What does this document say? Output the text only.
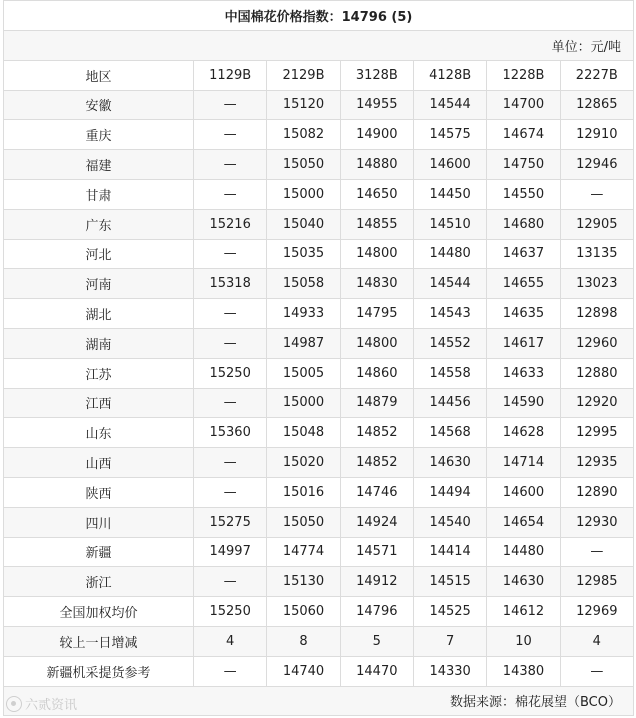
中国棉花价格指数：14796 (5)						
单位：元/吨						
地区	1129B	2129B	3128B	4128B	1228B	2227B
安徽	—	15120	14955	14544	14700	12865
重庆	—	15082	14900	14575	14674	12910
福建	—	15050	14880	14600	14750	12946
甘肃	—	15000	14650	14450	14550	—
广东	15216	15040	14855	14510	14680	12905
河北	—	15035	14800	14480	14637	13135
河南	15318	15058	14830	14544	14655	13023
湖北	—	14933	14795	14543	14635	12898
湖南	—	14987	14800	14552	14617	12960
江苏	15250	15005	14860	14558	14633	12880
江西	—	15000	14879	14456	14590	12920
山东	15360	15048	14852	14568	14628	12995
山西	—	15020	14852	14630	14714	12935
陕西	—	15016	14746	14494	14600	12890
四川	15275	15050	14924	14540	14654	12930
新疆	14997	14774	14571	14414	14480	—
浙江	—	15130	14912	14515	14630	12985
全国加权均价	15250	15060	14796	14525	14612	12969
较上一日增减	4	8	5	7	10	4
新疆机采提货参考	—	14740	14470	14330	14380	—
数据来源：棉花展望（BCO）						
六贰资讯
